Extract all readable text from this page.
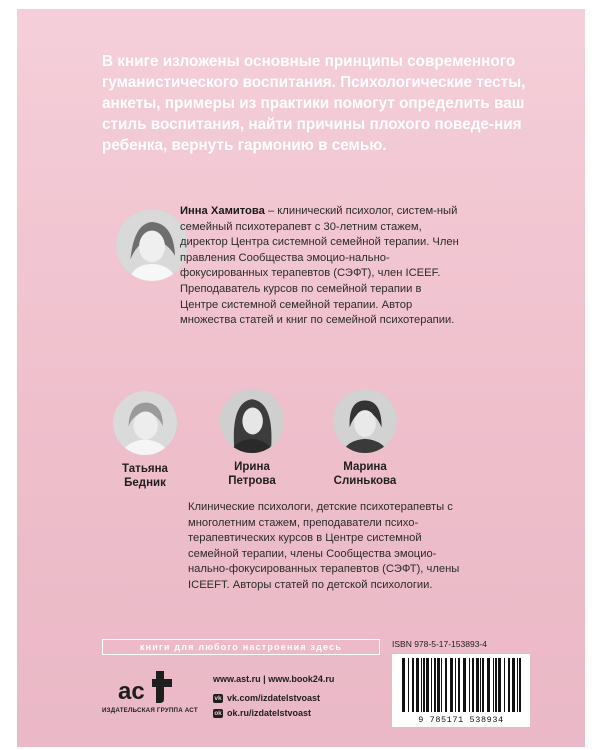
В книге изложены основные принципы современного гуманистического воспитания. Психологические тесты, анкеты, примеры из практики помогут определить ваш стиль воспитания, найти причины плохого поведе-ния ребенка, вернуть гармонию в семью.

Инна Хамитова – клинический психолог, систем-ный семейный психотерапевт с 30-летним стажем, директор Центра системной семейной терапии. Член правления Сообщества эмоцио-нально-фокусированных терапевтов (СЭФТ), член ICEEF. Преподаватель курсов по семейной терапии в Центре системной семейной терапии. Автор множества статей и книг по семейной психотерапии.

Татьяна
Бедник
Ирина
Петрова
Марина
Слинькова

Клинические психологи, детские психотерапевты с многолетним стажем, преподаватели психо-терапевтических курсов в Центре системной семейной терапии, члены Сообщества эмоцио-нально-фокусированных терапевтов (СЭФТ), члены ICEEFT. Авторы статей по детской психологии.

книги для любого настроения здесь
ac
ИЗДАТЕЛЬСКАЯ ГРУППА АСТ
www.ast.ru | www.book24.ru
vk vk.com/izdatelstvoast
ok ok.ru/izdatelstvoast
ISBN 978-5-17-153893-4
9 785171 538934
